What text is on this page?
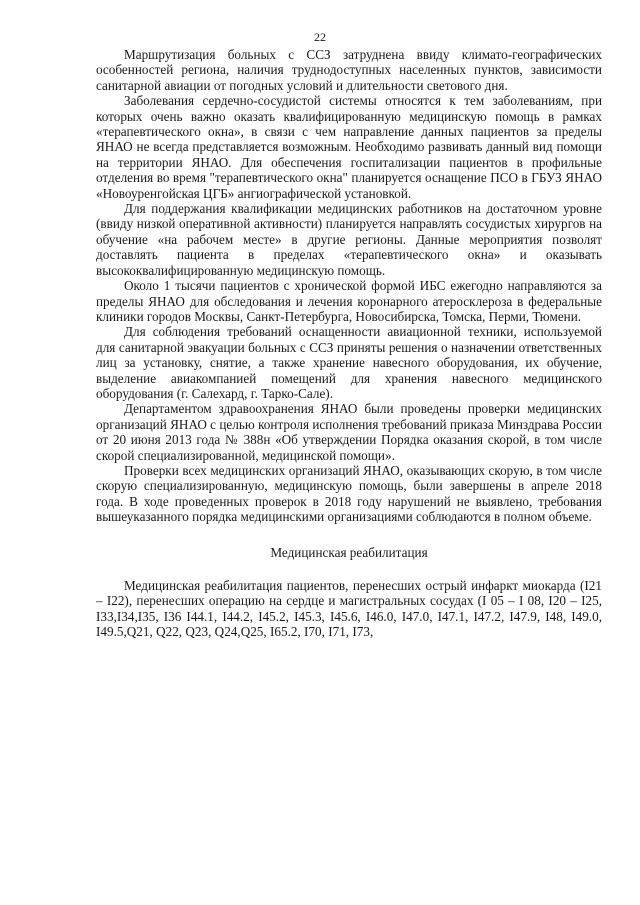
22

Маршрутизация больных с ССЗ затруднена ввиду климато-географических особенностей региона, наличия труднодоступных населенных пунктов, зависимости санитарной авиации от погодных условий и длительности светового дня.

Заболевания сердечно-сосудистой системы относятся к тем заболеваниям, при которых очень важно оказать квалифицированную медицинскую помощь в рамках «терапевтического окна», в связи с чем направление данных пациентов за пределы ЯНАО не всегда представляется возможным. Необходимо развивать данный вид помощи на территории ЯНАО. Для обеспечения госпитализации пациентов в профильные отделения во время "терапевтического окна" планируется оснащение ПСО в ГБУЗ ЯНАО «Новоуренгойская ЦГБ» ангиографической установкой.

Для поддержания квалификации медицинских работников на достаточном уровне (ввиду низкой оперативной активности) планируется направлять сосудистых хирургов на обучение «на рабочем месте» в другие регионы. Данные мероприятия позволят доставлять пациента в пределах «терапевтического окна» и оказывать высококвалифицированную медицинскую помощь.

Около 1 тысячи пациентов с хронической формой ИБС ежегодно направляются за пределы ЯНАО для обследования и лечения коронарного атеросклероза в федеральные клиники городов Москвы, Санкт-Петербурга, Новосибирска, Томска, Перми, Тюмени.

Для соблюдения требований оснащенности авиационной техники, используемой для санитарной эвакуации больных с ССЗ приняты решения о назначении ответственных лиц за установку, снятие, а также хранение навесного оборудования, их обучение, выделение авиакомпанией помещений для хранения навесного медицинского оборудования (г. Салехард, г. Тарко-Сале).

Департаментом здравоохранения ЯНАО были проведены проверки медицинских организаций ЯНАО с целью контроля исполнения требований приказа Минздрава России от 20 июня 2013 года № 388н «Об утверждении Порядка оказания скорой, в том числе скорой специализированной, медицинской помощи».

Проверки всех медицинских организаций ЯНАО, оказывающих скорую, в том числе скорую специализированную, медицинскую помощь, были завершены в апреле 2018 года. В ходе проведенных проверок в 2018 году нарушений не выявлено, требования вышеуказанного порядка медицинскими организациями соблюдаются в полном объеме.

Медицинская реабилитация

Медицинская реабилитация пациентов, перенесших острый инфаркт миокарда (I21 – I22), перенесших операцию на сердце и магистральных сосудах (I 05 – I 08, I20 – I25, I33,I34,I35, I36 I44.1, I44.2, I45.2, I45.3, I45.6, I46.0, I47.0, I47.1, I47.2, I47.9, I48, I49.0, I49.5,Q21, Q22, Q23, Q24,Q25, I65.2, I70, I71, I73,
